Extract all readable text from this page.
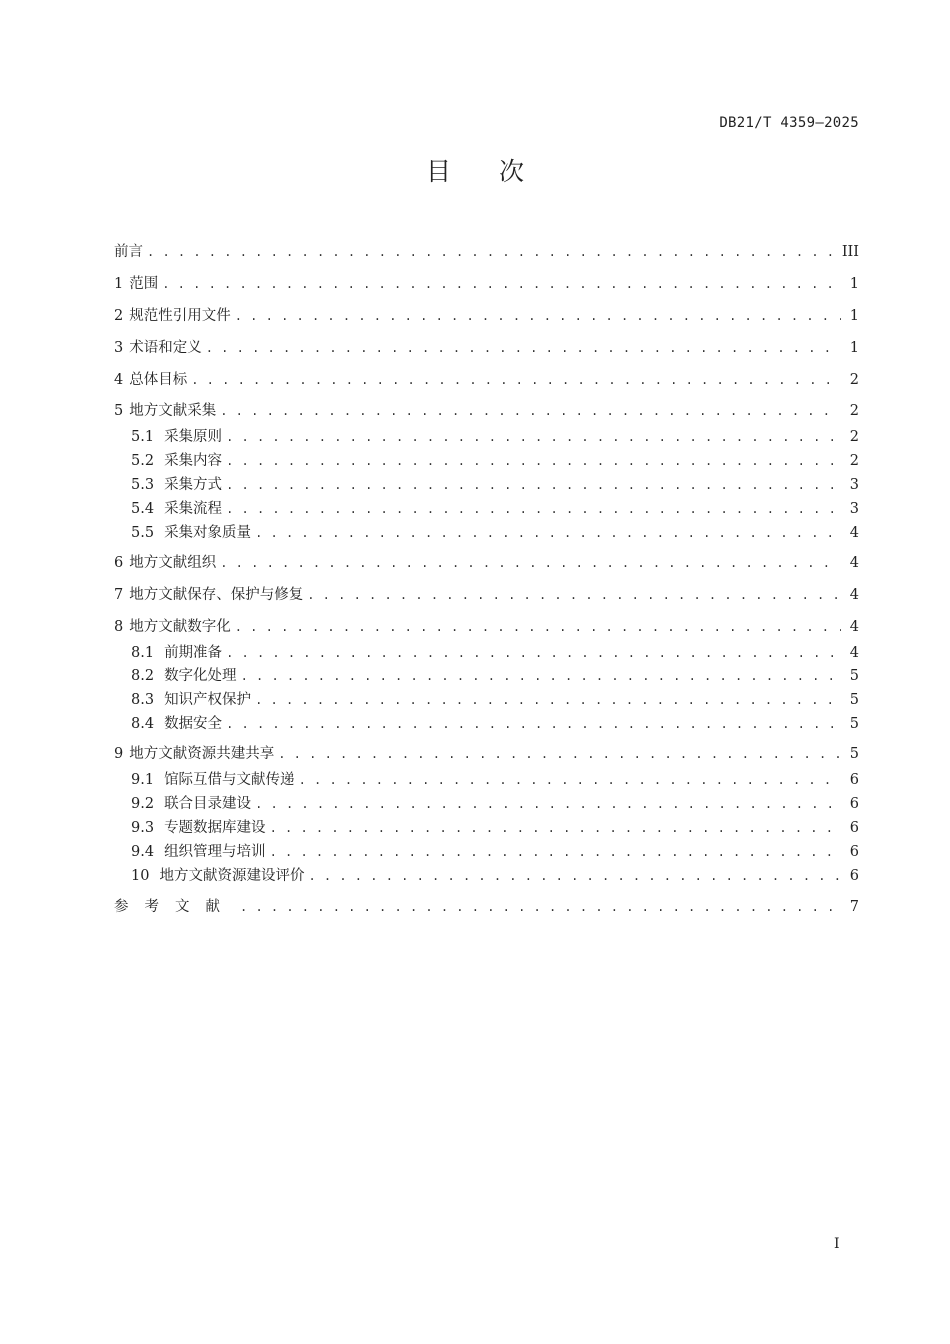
DB21/T 4359—2025
目次
前言 . . .	III
1 范围 . . .	1
2 规范性引用文件 . . .	1
3 术语和定义 . . .	1
4 总体目标 . . .	2
5 地方文献采集 . . .	2
5.1 采集原则 . . .	2
5.2 采集内容 . . .	2
5.3 采集方式 . . .	3
5.4 采集流程 . . .	3
5.5 采集对象质量 . . .	4
6 地方文献组织 . . .	4
7 地方文献保存、保护与修复 . . .	4
8 地方文献数字化 . . .	4
8.1 前期准备 . . .	4
8.2 数字化处理 . . .	5
8.3 知识产权保护 . . .	5
8.4 数据安全 . . .	5
9 地方文献资源共建共享 . . .	5
9.1 馆际互借与文献传递 . . .	6
9.2 联合目录建设 . . .	6
9.3 专题数据库建设 . . .	6
9.4 组织管理与培训 . . .	6
10 地方文献资源建设评价 . . .	6
参考文献 . . .	7
I
